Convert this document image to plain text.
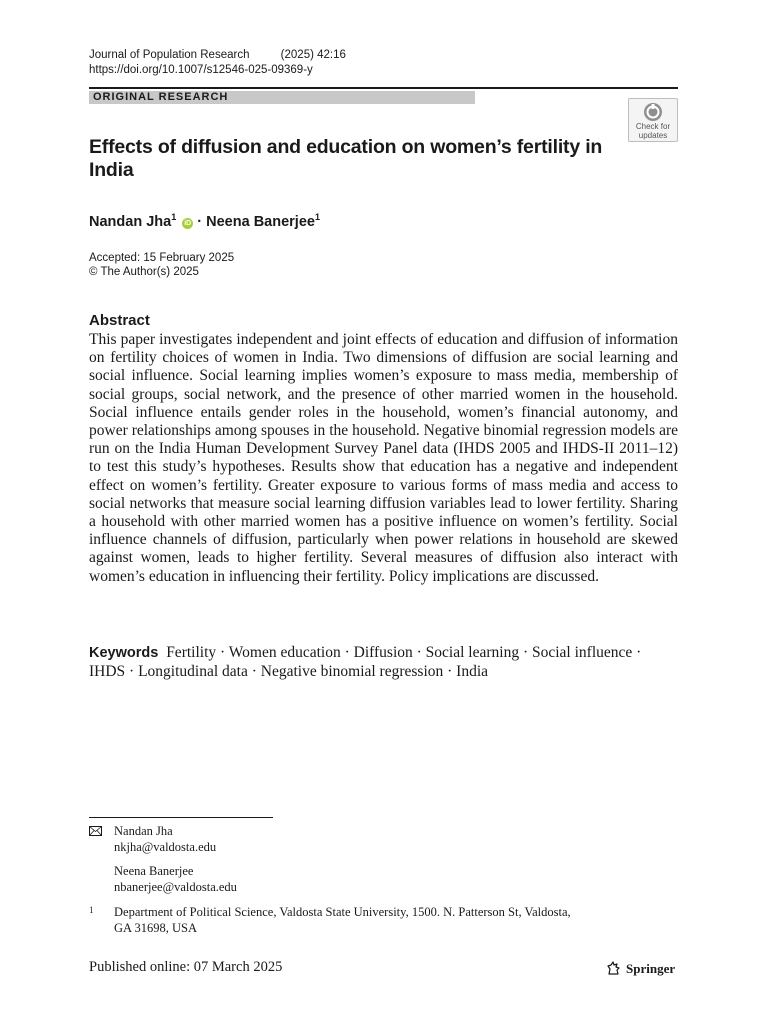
Journal of Population Research	(2025) 42:16
https://doi.org/10.1007/s12546-025-09369-y
ORIGINAL RESEARCH
Check for
updates
Effects of diffusion and education on women’s fertility in India
Nandan Jha$^1$ iD · Neena Banerjee$^1$
Accepted: 15 February 2025
© The Author(s) 2025
Abstract
This paper investigates independent and joint effects of education and diffusion of information on fertility choices of women in India. Two dimensions of diffusion are social learning and social influence. Social learning implies women’s exposure to mass media, membership of social groups, social network, and the presence of other married women in the household. Social influence entails gender roles in the household, women’s financial autonomy, and power relationships among spouses in the household. Negative binomial regression models are run on the India Human Development Survey Panel data (IHDS 2005 and IHDS-II 2011–12) to test this study’s hypotheses. Results show that education has a negative and independent effect on women’s fertility. Greater exposure to various forms of mass media and access to social networks that measure social learning diffusion variables lead to lower fertility. Sharing a household with other married women has a positive influence on women’s fertility. Social influence channels of diffusion, particularly when power relations in household are skewed against women, leads to higher fertility. Several measures of diffusion also interact with women’s education in influencing their fertility. Policy implications are discussed.
Keywords Fertility · Women education · Diffusion · Social learning · Social influence · IHDS · Longitudinal data · Negative binomial regression · India
Nandan Jha
nkjha@valdosta.edu
Neena Banerjee
nbanerjee@valdosta.edu
1 Department of Political Science, Valdosta State University, 1500. N. Patterson St, Valdosta,
GA 31698, USA
Published online: 07 March 2025	Springer
